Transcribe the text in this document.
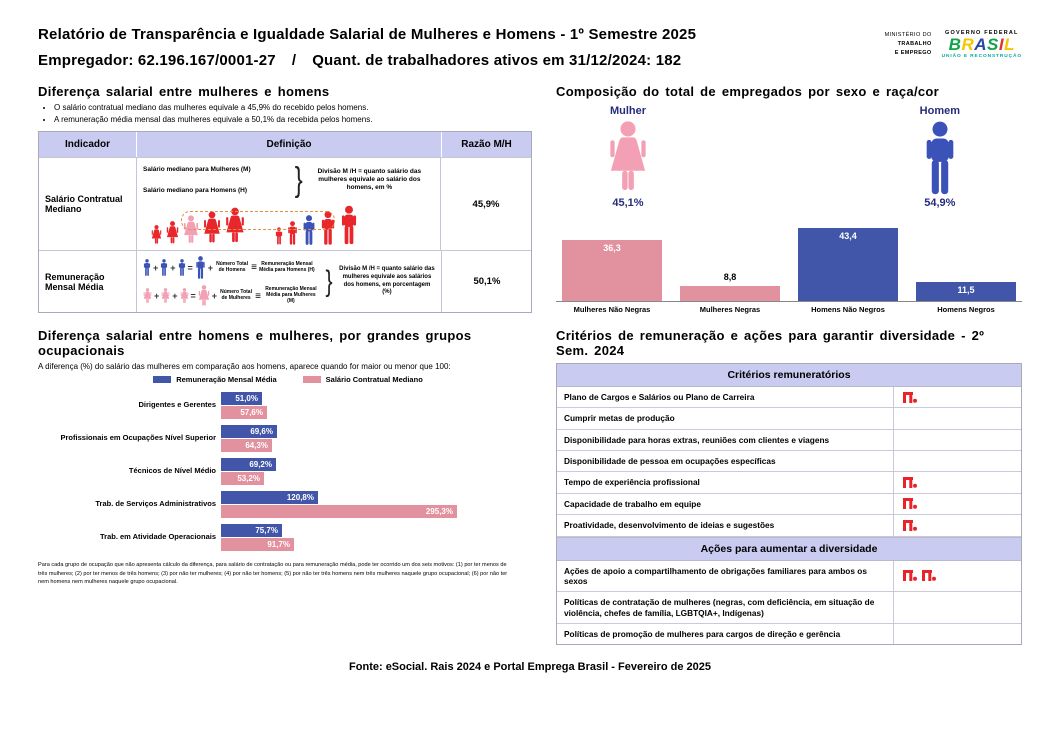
Relatório de Transparência e Igualdade Salarial de Mulheres e Homens - 1º Semestre 2025
Empregador: 62.196.167/0001-27 / Quant. de trabalhadores ativos em 31/12/2024: 182
MINISTÉRIO DO
TRABALHO
E EMPREGO
GOVERNO FEDERAL
BRASIL
UNIÃO E RECONSTRUÇÃO
Diferença salarial entre mulheres e homens
• O salário contratual mediano das mulheres equivale a 45,9% do recebido pelos homens.
• A remuneração média mensal das mulheres equivale a 50,1% da recebida pelos homens.
Indicador	Definição	Razão M/H
Salário Contratual Mediano
Salário mediano para Mulheres (M)
Salário mediano para Homens (H)	}	Divisão M /H = quanto salário das mulheres equivale ao salário dos homens, em %
45,9%
Remuneração Mensal Média
+ + = + Número Total de Homens ≡ Remuneração Mensal Média para Homens (H)
+ + = + Número Total de Mulheres ≡
Remuneração Mensal Média para Mulheres (M)
} Divisão M /H = quanto salário das mulheres equivale aos salários dos homens, em porcentagem (%)
50,1%
Composição do total de empregados por sexo e raça/cor
Mulher
45,1%
Homem
54,9%
36,3
8,8
43,4
11,5
Mulheres Não Negras	Mulheres Negras	Homens Não Negros	Homens Negros
Diferença salarial entre homens e mulheres, por grandes grupos ocupacionais

A diferença (%) do salário das mulheres em comparação aos homens, aparece quando for maior ou menor que 100:

Remuneração Mensal Média	Salário Contratual Mediano
Dirigentes e Gerentes
51,0%
57,6%
Profissionais em Ocupações Nível Superior
69,6%
64,3%
Técnicos de Nível Médio
69,2%
53,2%
Trab. de Serviços Administrativos
120,8%
295,3%
Trab. em Atividade Operacionais
75,7%
91,7%

Para cada grupo de ocupação que não apresenta cálculo da diferença, para salário de contratação ou para remuneração média, pode ter ocorrido um dos seis motivos: (1) por ter menos de três mulheres; (2) por ter menos de três homens; (3) por não ter mulheres; (4) por não ter homens; (5) por não ter três homens nem três mulheres naquele grupo ocupacional; (6) por não ter nem homens nem mulheres naquele grupo ocupacional.

Critérios de remuneração e ações para garantir diversidade - 2º Sem. 2024
Critérios remuneratórios
Plano de Cargos e Salários ou Plano de Carreira
Cumprir metas de produção
Disponibilidade para horas extras, reuniões com clientes e viagens
Disponibilidade de pessoa em ocupações específicas
Tempo de experiência profissional
Capacidade de trabalho em equipe
Proatividade, desenvolvimento de ideias e sugestões
Ações para aumentar a diversidade
Ações de apoio a compartilhamento de obrigações familiares para ambos os sexos
Políticas de contratação de mulheres (negras, com deficiência, em situação de violência, chefes de família, LGBTQIA+, Indígenas)
Políticas de promoção de mulheres para cargos de direção e gerência
Fonte: eSocial. Rais 2024 e Portal Emprega Brasil - Fevereiro de 2025
